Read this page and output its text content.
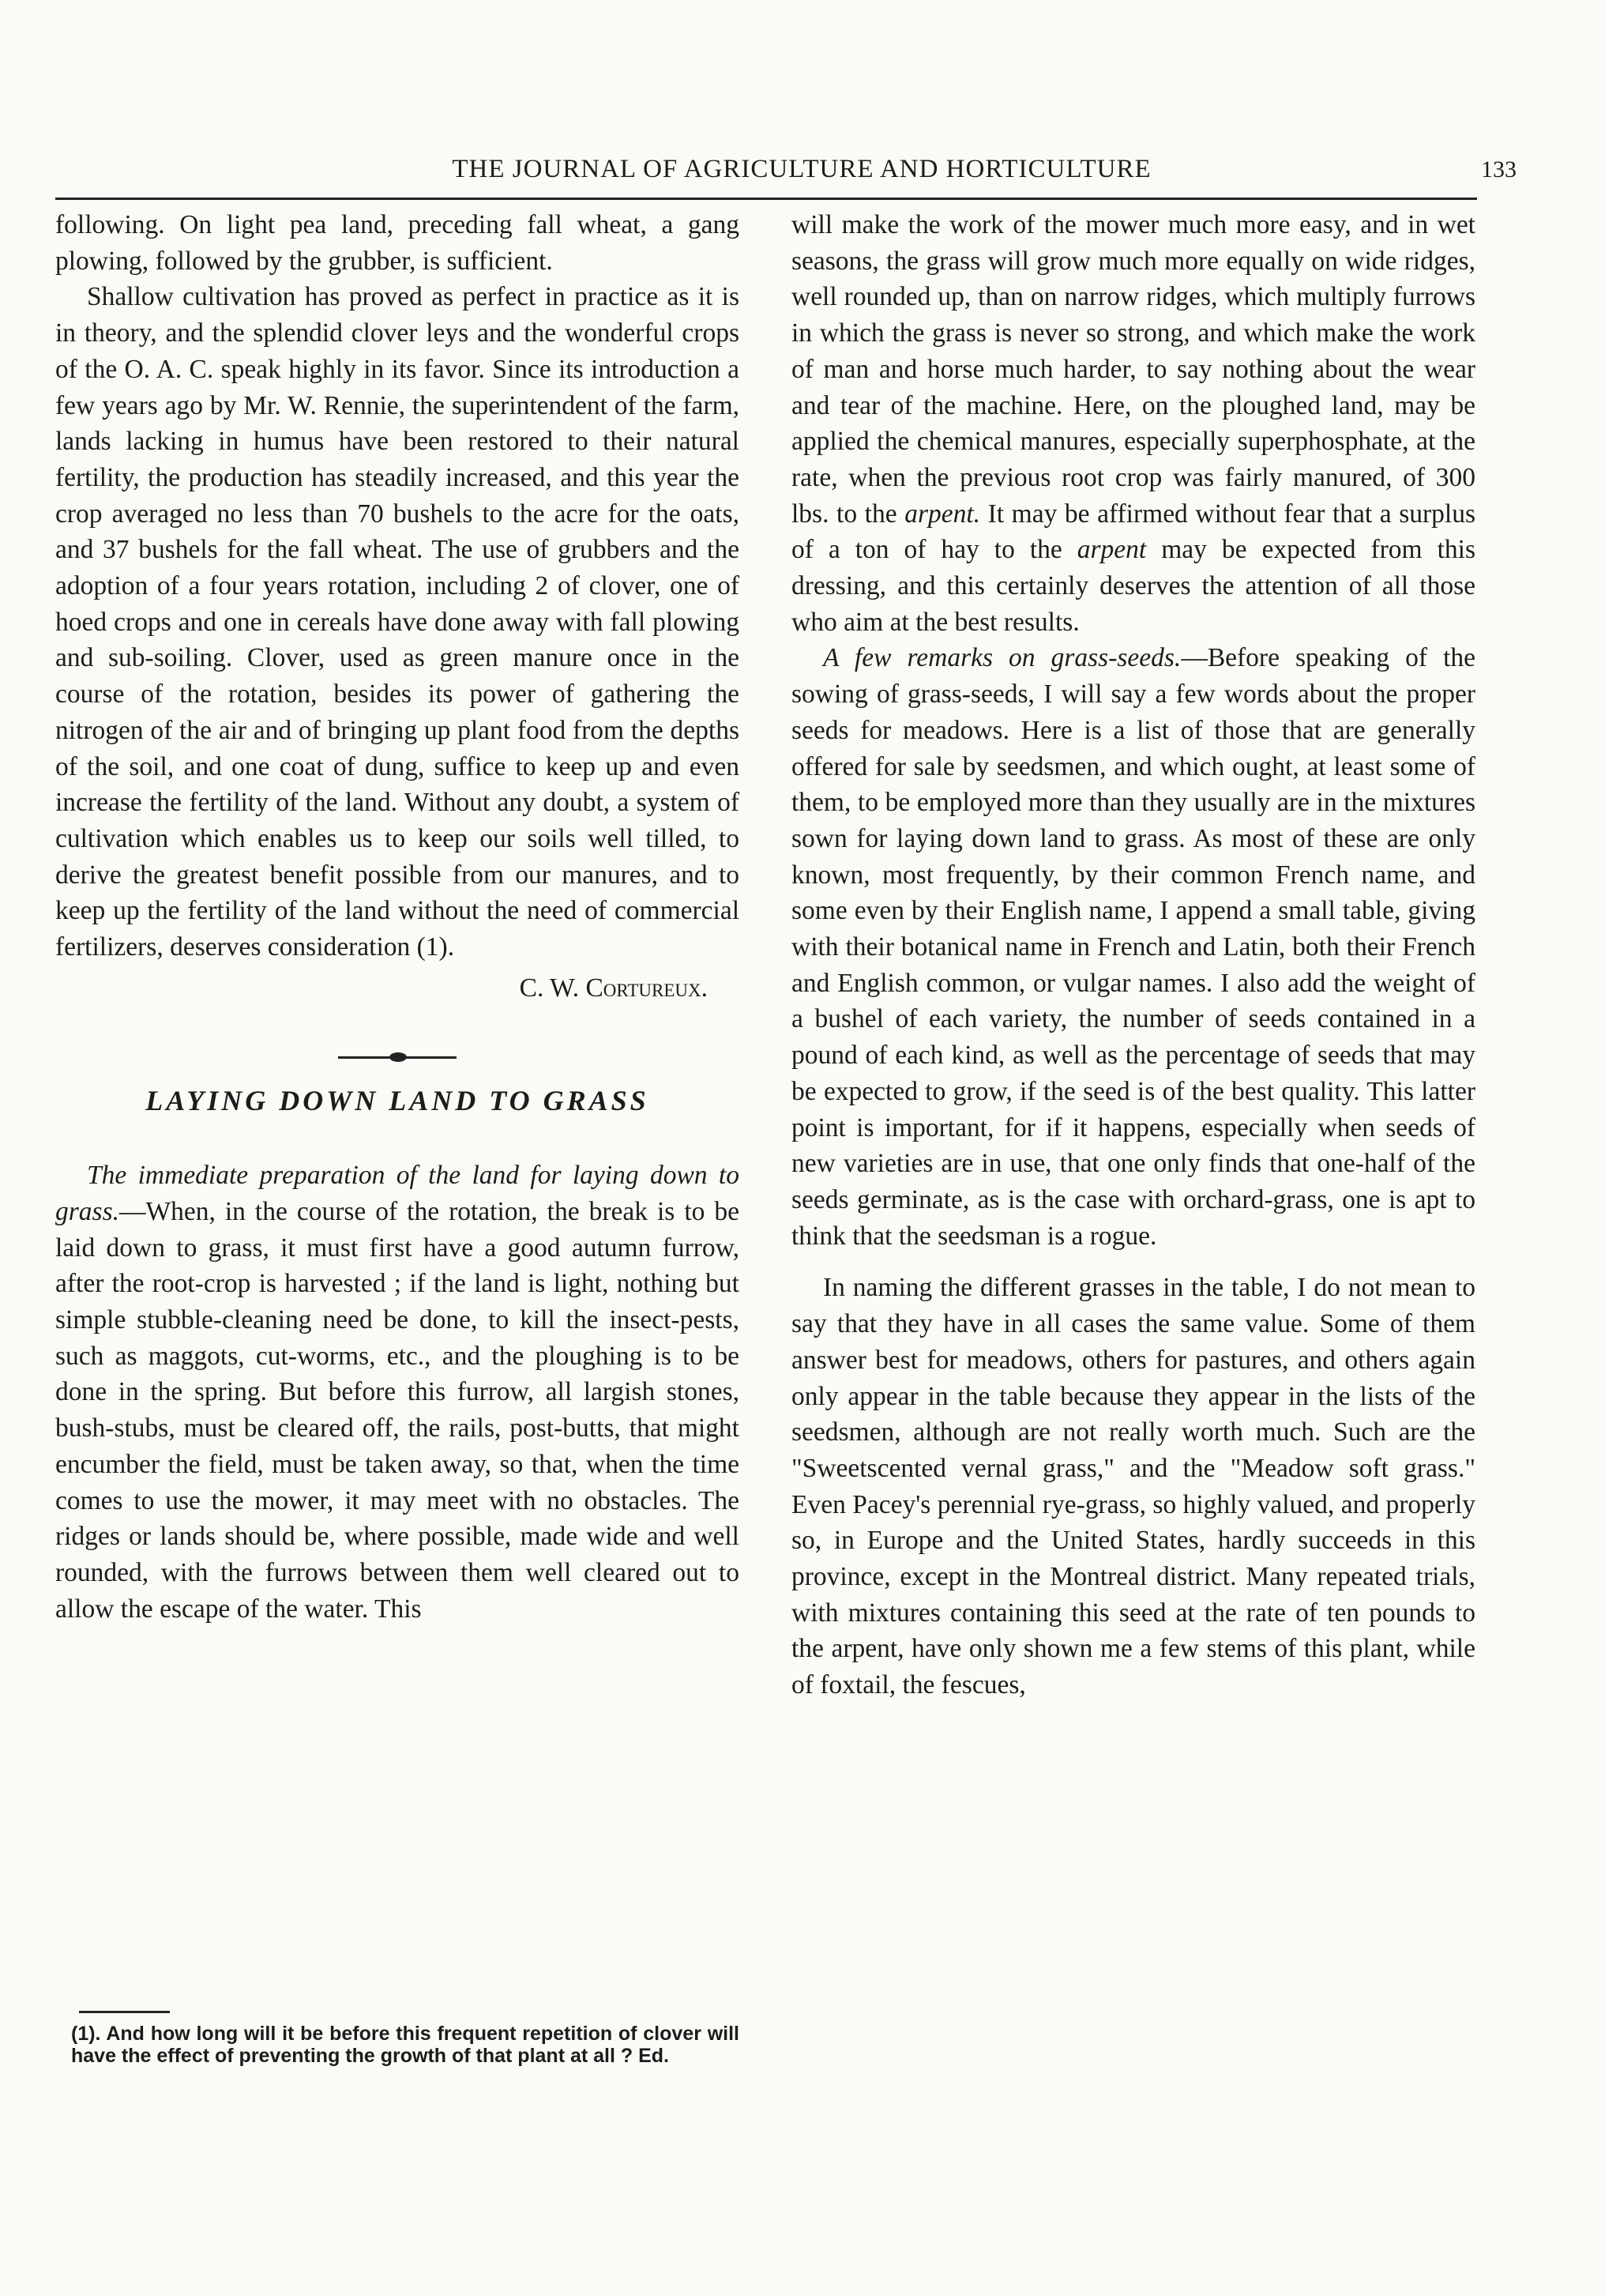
THE JOURNAL OF AGRICULTURE AND HORTICULTURE	133

following. On light pea land, preceding fall wheat, a gang plowing, followed by the grubber, is sufficient.

Shallow cultivation has proved as perfect in practice as it is in theory, and the splendid clover leys and the wonderful crops of the O. A. C. speak highly in its favor. Since its introduction a few years ago by Mr. W. Rennie, the superintendent of the farm, lands lacking in humus have been restored to their natural fertility, the production has steadily increased, and this year the crop averaged no less than 70 bushels to the acre for the oats, and 37 bushels for the fall wheat. The use of grubbers and the adoption of a four years rotation, including 2 of clover, one of hoed crops and one in cereals have done away with fall plowing and sub-soiling. Clover, used as green manure once in the course of the rotation, besides its power of gathering the nitrogen of the air and of bringing up plant food from the depths of the soil, and one coat of dung, suffice to keep up and even increase the fertility of the land. Without any doubt, a system of cultivation which enables us to keep our soils well tilled, to derive the greatest benefit possible from our manures, and to keep up the fertility of the land without the need of commercial fertilizers, deserves consideration (1).

C. W. Cortureux.

LAYING DOWN LAND TO GRASS

The immediate preparation of the land for laying down to grass.—When, in the course of the rotation, the break is to be laid down to grass, it must first have a good autumn furrow, after the root-crop is harvested ; if the land is light, nothing but simple stubble-cleaning need be done, to kill the insect-pests, such as maggots, cut-worms, etc., and the ploughing is to be done in the spring. But before this furrow, all largish stones, bush-stubs, must be cleared off, the rails, post-butts, that might encumber the field, must be taken away, so that, when the time comes to use the mower, it may meet with no obstacles. The ridges or lands should be, where possible, made wide and well rounded, with the furrows between them well cleared out to allow the escape of the water. This

(1). And how long will it be before this frequent repetition of clover will have the effect of preventing the growth of that plant at all ? Ed.

will make the work of the mower much more easy, and in wet seasons, the grass will grow much more equally on wide ridges, well rounded up, than on narrow ridges, which multiply furrows in which the grass is never so strong, and which make the work of man and horse much harder, to say nothing about the wear and tear of the machine. Here, on the ploughed land, may be applied the chemical manures, especially superphosphate, at the rate, when the previous root crop was fairly manured, of 300 lbs. to the arpent. It may be affirmed without fear that a surplus of a ton of hay to the arpent may be expected from this dressing, and this certainly deserves the attention of all those who aim at the best results.

A few remarks on grass-seeds.—Before speaking of the sowing of grass-seeds, I will say a few words about the proper seeds for meadows. Here is a list of those that are generally offered for sale by seedsmen, and which ought, at least some of them, to be employed more than they usually are in the mixtures sown for laying down land to grass. As most of these are only known, most frequently, by their common French name, and some even by their English name, I append a small table, giving with their botanical name in French and Latin, both their French and English common, or vulgar names. I also add the weight of a bushel of each variety, the number of seeds contained in a pound of each kind, as well as the percentage of seeds that may be expected to grow, if the seed is of the best quality. This latter point is important, for if it happens, especially when seeds of new varieties are in use, that one only finds that one-half of the seeds germinate, as is the case with orchard-grass, one is apt to think that the seedsman is a rogue.

In naming the different grasses in the table, I do not mean to say that they have in all cases the same value. Some of them answer best for meadows, others for pastures, and others again only appear in the table because they appear in the lists of the seedsmen, although are not really worth much. Such are the "Sweetscented vernal grass," and the "Meadow soft grass." Even Pacey's perennial rye-grass, so highly valued, and properly so, in Europe and the United States, hardly succeeds in this province, except in the Montreal district. Many repeated trials, with mixtures containing this seed at the rate of ten pounds to the arpent, have only shown me a few stems of this plant, while of foxtail, the fescues,
